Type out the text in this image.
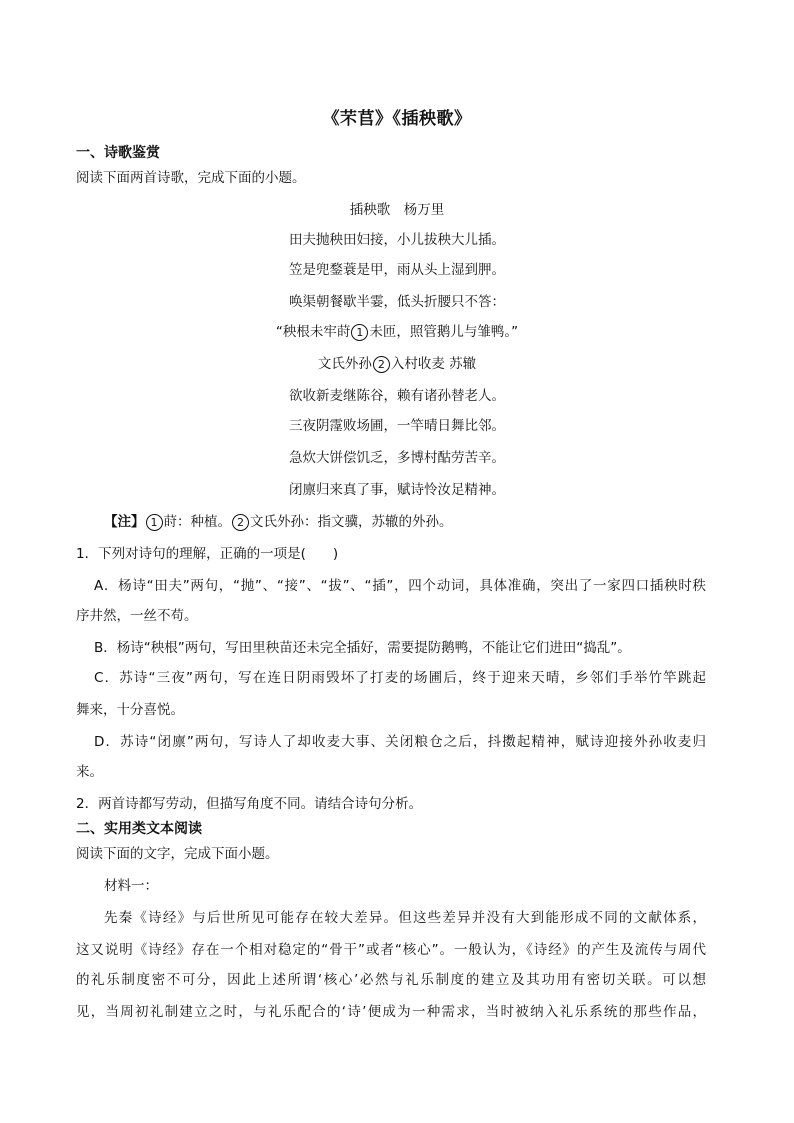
《芣苢》《插秧歌》
一、诗歌鉴赏
阅读下面两首诗歌，完成下面的小题。
插秧歌　杨万里
田夫抛秧田妇接，小儿拔秧大儿插。
笠是兜鍪蓑是甲，雨从头上湿到胛。
唤渠朝餐歇半霎，低头折腰只不答：
“秧根未牢莳 1 未匝，照管鹅儿与雏鸭。”
文氏外孙 2 入村收麦 苏辙
欲收新麦继陈谷，赖有诸孙替老人。
三夜阴霪败场圃，一竿晴日舞比邻。
急炊大饼偿饥乏，多博村酤劳苦辛。
闭廪归来真了事，赋诗怜汝足精神。
【注】 1 莳：种植。 2 文氏外孙：指文骥，苏辙的外孙。
1．下列对诗句的理解，正确的一项是(　　)
A．杨诗“田夫”两句，“抛”、“接”、“拔”、“插”，四个动词，具体准确，突出了一家四口插秧时秩
序井然，一丝不苟。
B．杨诗“秧根”两句，写田里秧苗还未完全插好，需要提防鹅鸭，不能让它们进田“捣乱”。
C．苏诗“三夜”两句，写在连日阴雨毁坏了打麦的场圃后，终于迎来天晴，乡邻们手举竹竿跳起
舞来，十分喜悦。
D．苏诗“闭廪”两句，写诗人了却收麦大事、关闭粮仓之后，抖擞起精神，赋诗迎接外孙收麦归
来。
2．两首诗都写劳动，但描写角度不同。请结合诗句分析。
二、实用类文本阅读
阅读下面的文字，完成下面小题。
材料一：
先秦《诗经》与后世所见可能存在较大差异。但这些差异并没有大到能形成不同的文献体系，
这又说明《诗经》存在一个相对稳定的“骨干”或者“核心”。一般认为，《诗经》的产生及流传与周代
的礼乐制度密不可分，因此上述所谓‘核心’必然与礼乐制度的建立及其功用有密切关联。可以想
见，当周初礼制建立之时，与礼乐配合的‘诗’便成为一种需求，当时被纳入礼乐系统的那些作品，
